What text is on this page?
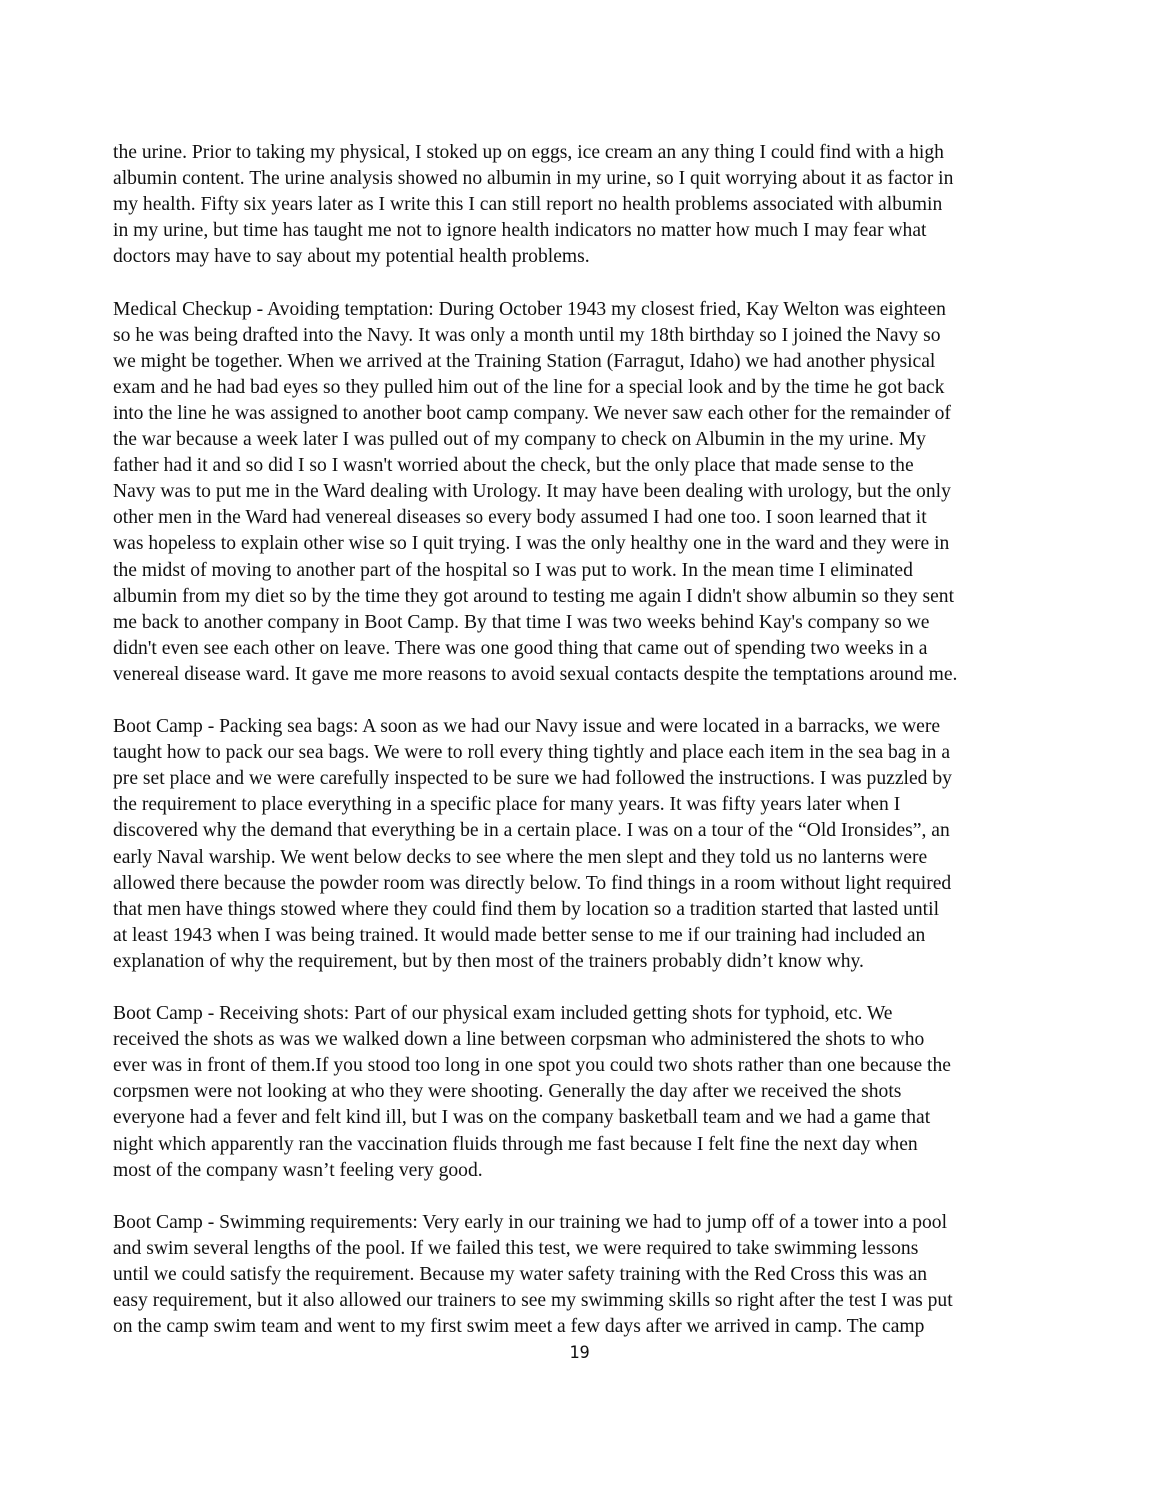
the urine. Prior to taking my physical, I stoked up on eggs, ice cream an any thing I could find with a high
albumin content. The urine analysis showed no albumin in my urine, so I quit worrying about it as factor in
my health. Fifty six years later as I write this I can still report no health problems associated with albumin
in my urine, but time has taught me not to ignore health indicators no matter how much I may fear what
doctors may have to say about my potential health problems.
Medical Checkup - Avoiding temptation: During October 1943 my closest fried, Kay Welton was eighteen
so he was being drafted into the Navy. It was only a month until my 18th birthday so I joined the Navy so
we might be together. When we arrived at the Training Station (Farragut, Idaho) we had another physical
exam and he had bad eyes so they pulled him out of the line for a special look and by the time he got back
into the line he was assigned to another boot camp company. We never saw each other for the remainder of
the war because a week later I was pulled out of my company to check on Albumin in the my urine. My
father had it and so did I so I wasn't worried about the check, but the only place that made sense to the
Navy was to put me in the Ward dealing with Urology. It may have been dealing with urology, but the only
other men in the Ward had venereal diseases so every body assumed I had one too. I soon learned that it
was hopeless to explain other wise so I quit trying. I was the only healthy one in the ward and they were in
the midst of moving to another part of the hospital so I was put to work. In the mean time I eliminated
albumin from my diet so by the time they got around to testing me again I didn't show albumin so they sent
me back to another company in Boot Camp. By that time I was two weeks behind Kay's company so we
didn't even see each other on leave. There was one good thing that came out of spending two weeks in a
venereal disease ward. It gave me more reasons to avoid sexual contacts despite the temptations around me.
Boot Camp - Packing sea bags: A soon as we had our Navy issue and were located in a barracks, we were
taught how to pack our sea bags. We were to roll every thing tightly and place each item in the sea bag in a
pre set place and we were carefully inspected to be sure we had followed the instructions. I was puzzled by
the requirement to place everything in a specific place for many years. It was fifty years later when I
discovered why the demand that everything be in a certain place. I was on a tour of the “Old Ironsides”, an
early Naval warship. We went below decks to see where the men slept and they told us no lanterns were
allowed there because the powder room was directly below. To find things in a room without light required
that men have things stowed where they could find them by location so a tradition started that lasted until
at least 1943 when I was being trained. It would made better sense to me if our training had included an
explanation of why the requirement, but by then most of the trainers probably didn’t know why.
Boot Camp - Receiving shots: Part of our physical exam included getting shots for typhoid, etc. We
received the shots as was we walked down a line between corpsman who administered the shots to who
ever was in front of them.If you stood too long in one spot you could two shots rather than one because the
corpsmen were not looking at who they were shooting. Generally the day after we received the shots
everyone had a fever and felt kind ill, but I was on the company basketball team and we had a game that
night which apparently ran the vaccination fluids through me fast because I felt fine the next day when
most of the company wasn’t feeling very good.
Boot Camp - Swimming requirements: Very early in our training we had to jump off of a tower into a pool
and swim several lengths of the pool. If we failed this test, we were required to take swimming lessons
until we could satisfy the requirement. Because my water safety training with the Red Cross this was an
easy requirement, but it also allowed our trainers to see my swimming skills so right after the test I was put
on the camp swim team and went to my first swim meet a few days after we arrived in camp. The camp
19
